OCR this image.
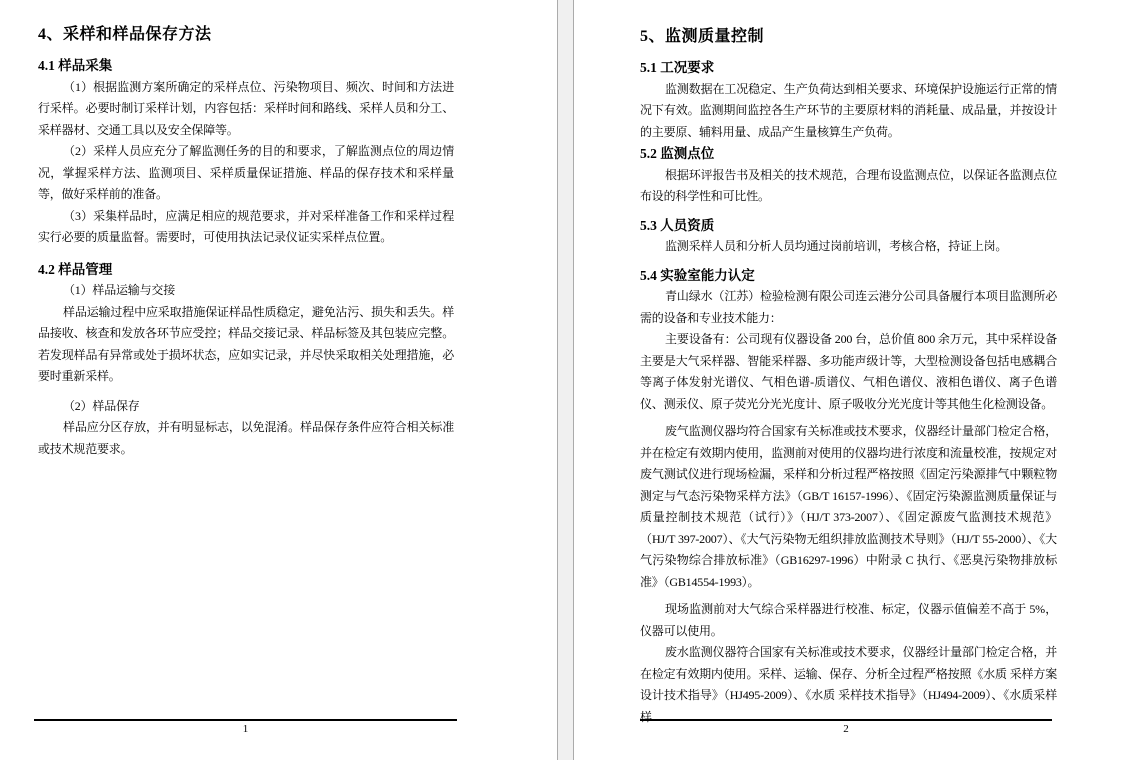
4、采样和样品保存方法
4.1 样品采集

（1）根据监测方案所确定的采样点位、污染物项目、频次、时间和方法进行采样。必要时制订采样计划，内容包括：采样时间和路线、采样人员和分工、采样器材、交通工具以及安全保障等。

（2）采样人员应充分了解监测任务的目的和要求，了解监测点位的周边情况，掌握采样方法、监测项目、采样质量保证措施、样品的保存技术和采样量等，做好采样前的准备。

（3）采集样品时，应满足相应的规范要求，并对采样准备工作和采样过程实行必要的质量监督。需要时，可使用执法记录仪证实采样点位置。

4.2 样品管理

（1）样品运输与交接

样品运输过程中应采取措施保证样品性质稳定，避免沾污、损失和丢失。样品接收、核查和发放各环节应受控；样品交接记录、样品标签及其包装应完整。若发现样品有异常或处于损坏状态，应如实记录，并尽快采取相关处理措施，必要时重新采样。

（2）样品保存

样品应分区存放，并有明显标志，以免混淆。样品保存条件应符合相关标准或技术规范要求。

1
5、监测质量控制
5.1 工况要求

监测数据在工况稳定、生产负荷达到相关要求、环境保护设施运行正常的情况下有效。监测期间监控各生产环节的主要原材料的消耗量、成品量，并按设计的主要原、辅料用量、成品产生量核算生产负荷。

5.2 监测点位

根据环评报告书及相关的技术规范，合理布设监测点位，以保证各监测点位布设的科学性和可比性。

5.3 人员资质

监测采样人员和分析人员均通过岗前培训，考核合格，持证上岗。

5.4 实验室能力认定

青山绿水（江苏）检验检测有限公司连云港分公司具备履行本项目监测所必需的设备和专业技术能力：

主要设备有：公司现有仪器设备 200 台，总价值 800 余万元，其中采样设备主要是大气采样器、智能采样器、多功能声级计等，大型检测设备包括电感耦合等离子体发射光谱仪、气相色谱-质谱仪、气相色谱仪、液相色谱仪、离子色谱仪、测汞仪、原子荧光分光光度计、原子吸收分光光度计等其他生化检测设备。

废气监测仪器均符合国家有关标准或技术要求，仪器经计量部门检定合格，并在检定有效期内使用，监测前对使用的仪器均进行浓度和流量校准，按规定对废气测试仪进行现场检漏，采样和分析过程严格按照《固定污染源排气中颗粒物测定与气态污染物采样方法》（GB/T 16157-1996）、《固定污染源监测质量保证与质量控制技术规范（试行）》（HJ/T 373-2007）、《固定源废气监测技术规范》（HJ/T 397-2007）、《大气污染物无组织排放监测技术导则》（HJ/T 55-2000）、《大气污染物综合排放标准》（GB16297-1996）中附录 C 执行、《恶臭污染物排放标准》（GB14554-1993）。

现场监测前对大气综合采样器进行校准、标定，仪器示值偏差不高于 5%，仪器可以使用。

废水监测仪器符合国家有关标准或技术要求，仪器经计量部门检定合格，并在检定有效期内使用。采样、运输、保存、分析全过程严格按照《水质 采样方案设计技术指导》（HJ495-2009）、《水质 采样技术指导》（HJ494-2009）、《水质采样 样

2
